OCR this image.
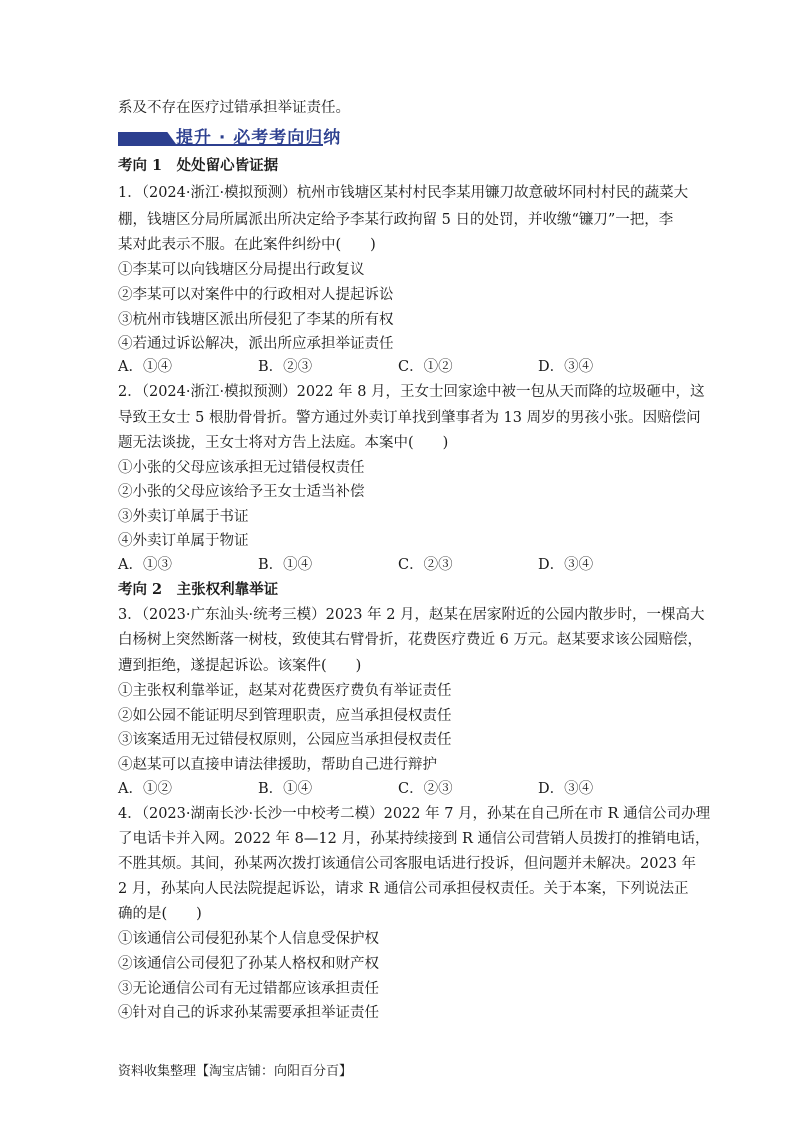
系及不存在医疗过错承担举证责任。
提升 · 必考考向归纳
考向 1　处处留心皆证据
1．（2024·浙江·模拟预测）杭州市钱塘区某村村民李某用镰刀故意破坏同村村民的蔬菜大
棚，钱塘区分局所属派出所决定给予李某行政拘留 5 日的处罚，并收缴“镰刀”一把，李
某对此表示不服。在此案件纠纷中(　　)
①李某可以向钱塘区分局提出行政复议
②李某可以对案件中的行政相对人提起诉讼
③杭州市钱塘区派出所侵犯了李某的所有权
④若通过诉讼解决，派出所应承担举证责任
A．①④	B．②③	C．①②	D．③④
2．（2024·浙江·模拟预测）2022 年 8 月，王女士回家途中被一包从天而降的垃圾砸中，这
导致王女士 5 根肋骨骨折。警方通过外卖订单找到肇事者为 13 周岁的男孩小张。因赔偿问
题无法谈拢，王女士将对方告上法庭。本案中(　　)
①小张的父母应该承担无过错侵权责任
②小张的父母应该给予王女士适当补偿
③外卖订单属于书证
④外卖订单属于物证
A．①③	B．①④	C．②③	D．③④
考向 2　主张权利靠举证
3．（2023·广东汕头·统考三模）2023 年 2 月，赵某在居家附近的公园内散步时，一棵高大
白杨树上突然断落一树枝，致使其右臂骨折，花费医疗费近 6 万元。赵某要求该公园赔偿，
遭到拒绝，遂提起诉讼。该案件(　　)
①主张权利靠举证，赵某对花费医疗费负有举证责任
②如公园不能证明尽到管理职责，应当承担侵权责任
③该案适用无过错侵权原则，公园应当承担侵权责任
④赵某可以直接申请法律援助，帮助自己进行辩护
A．①②	B．①④	C．②③	D．③④
4．（2023·湖南长沙·长沙一中校考二模）2022 年 7 月，孙某在自己所在市 R 通信公司办理
了电话卡并入网。2022 年 8—12 月，孙某持续接到 R 通信公司营销人员拨打的推销电话，
不胜其烦。其间，孙某两次拨打该通信公司客服电话进行投诉，但问题并未解决。2023 年
2 月，孙某向人民法院提起诉讼，请求 R 通信公司承担侵权责任。关于本案，下列说法正
确的是(　　)
①该通信公司侵犯孙某个人信息受保护权
②该通信公司侵犯了孙某人格权和财产权
③无论通信公司有无过错都应该承担责任
④针对自己的诉求孙某需要承担举证责任
资料收集整理【淘宝店铺：向阳百分百】
